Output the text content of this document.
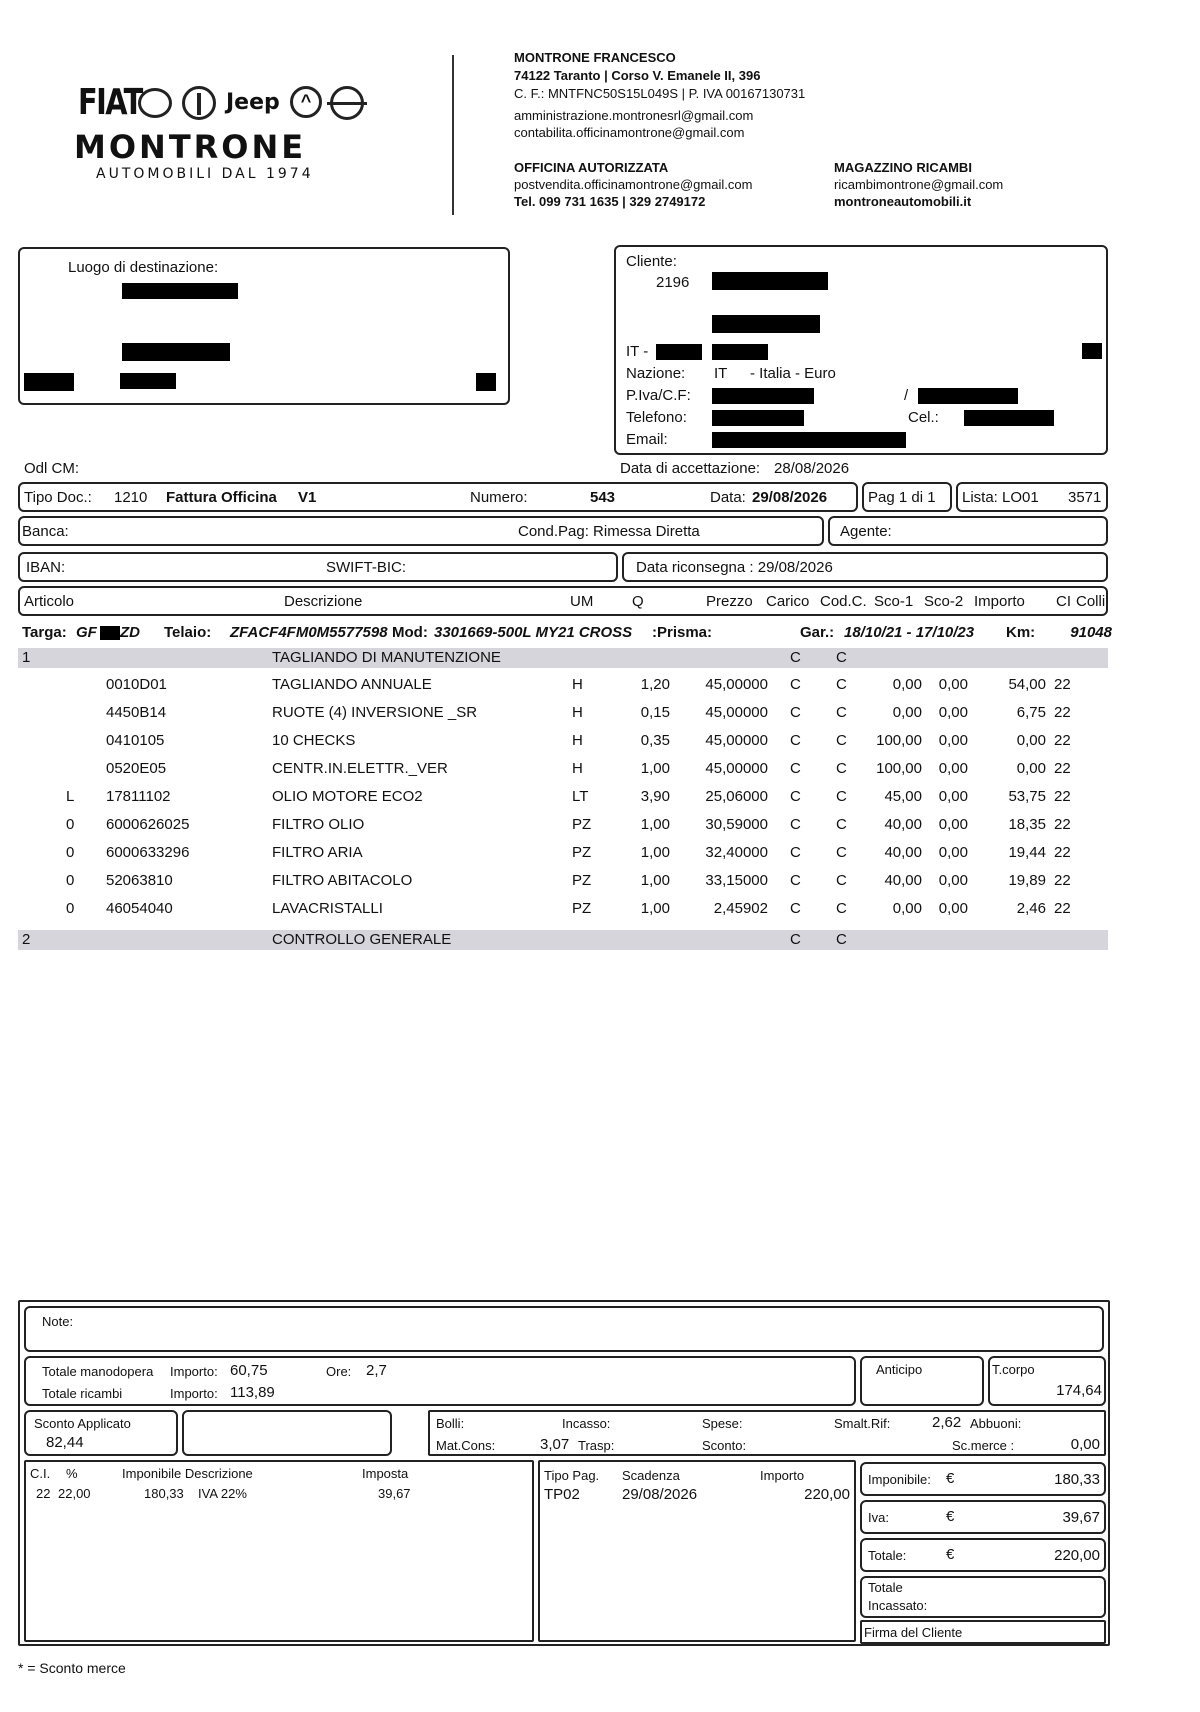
FIAT	Jeep	^
MONTRONE
AUTOMOBILI DAL 1974
MONTRONE FRANCESCO
74122 Taranto | Corso V. Emanele II, 396
C. F.: MNTFNC50S15L049S | P. IVA 00167130731
amministrazione.montronesrl@gmail.com
contabilita.officinamontrone@gmail.com
OFFICINA AUTORIZZATA
postvendita.officinamontrone@gmail.com
Tel. 099 731 1635 | 329 2749172
MAGAZZINO RICAMBI
ricambimontrone@gmail.com
montroneautomobili.it
Luogo di destinazione:	Cliente:
2196
IT -
Nazione: IT - Italia - Euro
P.Iva/C.F:	/
Telefono:	Cel.:
Email:
Odl CM:	Data di accettazione: 28/08/2026
Tipo Doc.: 1210 Fattura Officina V1	Numero:	543	Data: 29/08/2026	Pag 1 di 1 Lista: LO01 3571
Banca:	Cond.Pag: Rimessa Diretta	Agente:
IBAN:	SWIFT-BIC:	Data riconsegna : 29/08/2026
Articolo	Descrizione	UM	Q	Prezzo Carico Cod.C. Sco-1 Sco-2 Importo CI Colli
Targa: GF ZD Telaio: ZFACF4FM0M5577598 Mod: 3301669-500L MY21 CROSS :Prisma:	Gar.: 18/10/21 - 17/10/23 Km:	91048
1	TAGLIANDO DI MANUTENZIONE	C C
0010D01	TAGLIANDO ANNUALE	H	1,20	45,00000 C C	0,00	0,00	54,00 22
4450B14	RUOTE (4) INVERSIONE _SR	H	0,15	45,00000 C C	0,00	0,00	6,75 22
0410105	10 CHECKS	H	0,35	45,00000 C C	100,00	0,00	0,00 22
0520E05	CENTR.IN.ELETTR._VER	H	1,00	45,00000 C C	100,00	0,00	0,00 22
L 17811102	OLIO MOTORE ECO2	LT	3,90	25,06000 C C	45,00	0,00	53,75 22
0 6000626025	FILTRO OLIO	PZ	1,00	30,59000 C C	40,00	0,00	18,35 22
0 6000633296	FILTRO ARIA	PZ	1,00	32,40000 C C	40,00	0,00	19,44 22
0 52063810	FILTRO ABITACOLO	PZ	1,00	33,15000 C C	40,00	0,00	19,89 22
0 46054040	LAVACRISTALLI	PZ	1,00	2,45902 C C	0,00	0,00	2,46 22
2	CONTROLLO GENERALE	C C
Note:
Totale manodopera Importo: 60,75	Ore: 2,7
Totale ricambi	Importo: 113,89
Anticipo	T.corpo
174,64
Sconto Applicato
82,44
Bolli:	Incasso:	Spese:	Smalt.Rif:	2,62 Abbuoni:
Mat.Cons:	3,07 Trasp:	Sconto:	Sc.merce :	0,00
C.I. %	Imponibile Descrizione	Imposta
22 22,00	180,33 IVA 22%	39,67
Tipo Pag. Scadenza	Importo
TP02	29/08/2026	220,00
Imponibile: €	180,33
Iva:	€	39,67
Totale:	€	220,00
Totale
Incassato:
Firma del Cliente
* = Sconto merce
